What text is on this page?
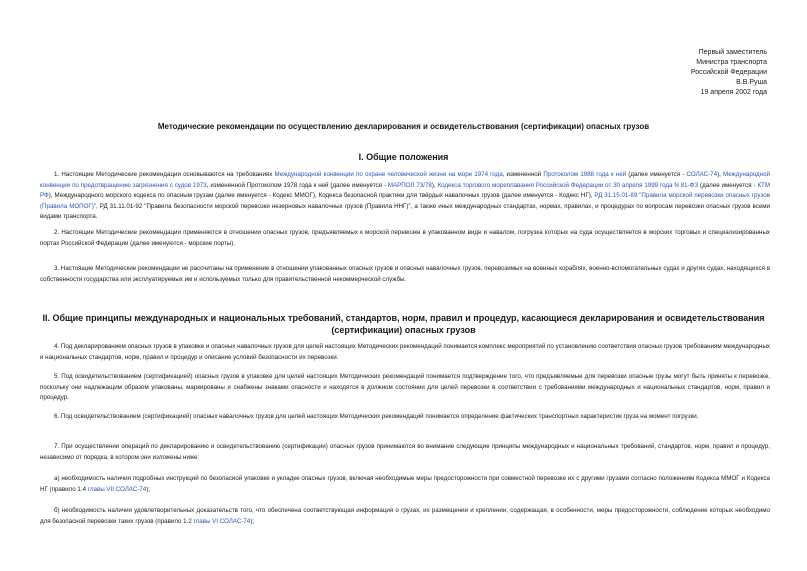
Первый заместитель
Министра транспорта
Российской Федерации
В.В.Руша
19 апреля 2002 года
Методические рекомендации по осуществлению декларирования и освидетельствования (сертификации) опасных грузов
I. Общие положения
1. Настоящие Методические рекомендации основываются на требованиях Международной конвенции по охране человеческой жизни на море 1974 года, измененной Протоколом 1988 года к ней (далее именуется - СОЛАС-74), Международной конвенции по предотвращению загрязнения с судов 1973, измененной Протоколом 1978 года к ней (далее именуется - МАРПОЛ 73/78), Кодекса торгового мореплавания Российской Федерации от 30 апреля 1999 года N 81-ФЗ (далее именуется - КТМ РФ), Международного морского кодекса по опасным грузам (далее именуется - Кодекс ММОГ), Кодекса безопасной практики для твёрдых навалочных грузов (далее именуется - Кодекс НГ), РД 31.15.01-89 "Правила морской перевозки опасных грузов (Правила МОПОГ)", РД 31.11.01-92 "Правила безопасности морской перевозки незерновых навалочных грузов (Правила ННГ)", а также иных международных стандартах, нормах, правилах, и процедурах по вопросам перевозки опасных грузов всеми видами транспорта.
2. Настоящие Методические рекомендации применяются в отношении опасных грузов, предъявляемых к морской перевозке в упакованном виде и навалом, погрузка которых на суда осуществляется в морских торговых и специализированных портах Российской Федерации (далее именуются - морские порты).
3. Настоящие Методические рекомендации не рассчитаны на применение в отношении упакованных опасных грузов и опасных навалочных грузов, перевозимых на военных кораблях, военно-вспомогательных судах и других судах, находящихся в собственности государства или эксплуатируемых им и используемых только для правительственной некоммерческой службы.
II. Общие принципы международных и национальных требований, стандартов, норм, правил и процедур, касающиеся декларирования и освидетельствования (сертификации) опасных грузов
4. Под декларированием опасных грузов в упаковке и опасных навалочных грузов для целей настоящих Методических рекомендаций понимается комплекс мероприятий по установлению соответствия опасных грузов требованиям международных и национальных стандартов, норм, правил и процедур и описание условий безопасности их перевозки.
5. Под освидетельствованием (сертификацией) опасных грузов в упаковке для целей настоящих Методических рекомендаций понимается подтверждение того, что предъявляемые для перевозки опасные грузы могут быть приняты к перевозке, поскольку они надлежащим образом упакованы, маркированы и снабжены знаками опасности и находятся в должном состоянии для целей перевозки в соответствии с требованиями международных и национальных стандартов, норм, правил и процедур.
6. Под освидетельствованием (сертификацией) опасных навалочных грузов для целей настоящих Методических рекомендаций понимается определение фактических транспортных характеристик груза на момент погрузки.
7. При осуществлении операций по декларированию и освидетельствованию (сертификации) опасных грузов принимаются во внимание следующие принципы международных и национальных требований, стандартов, норм, правил и процедур, независимо от порядка, в котором они изложены ниже:
а) необходимость наличия подробных инструкций по безопасной упаковке и укладке опасных грузов, включая необходимые меры предосторожности при совместной перевозке их с другими грузами согласно положениям Кодекса ММОГ и Кодекса НГ (правило 1.4 главы VII СОЛАС-74);
б) необходимость наличия удовлетворительных доказательств того, что обеспечена соответствующая информация о грузах, их размещении и креплении, содержащая, в особенности, меры предосторожности, соблюдение которых необходимо для безопасной перевозки таких грузов (правило 1.2 главы VI СОЛАС-74);
